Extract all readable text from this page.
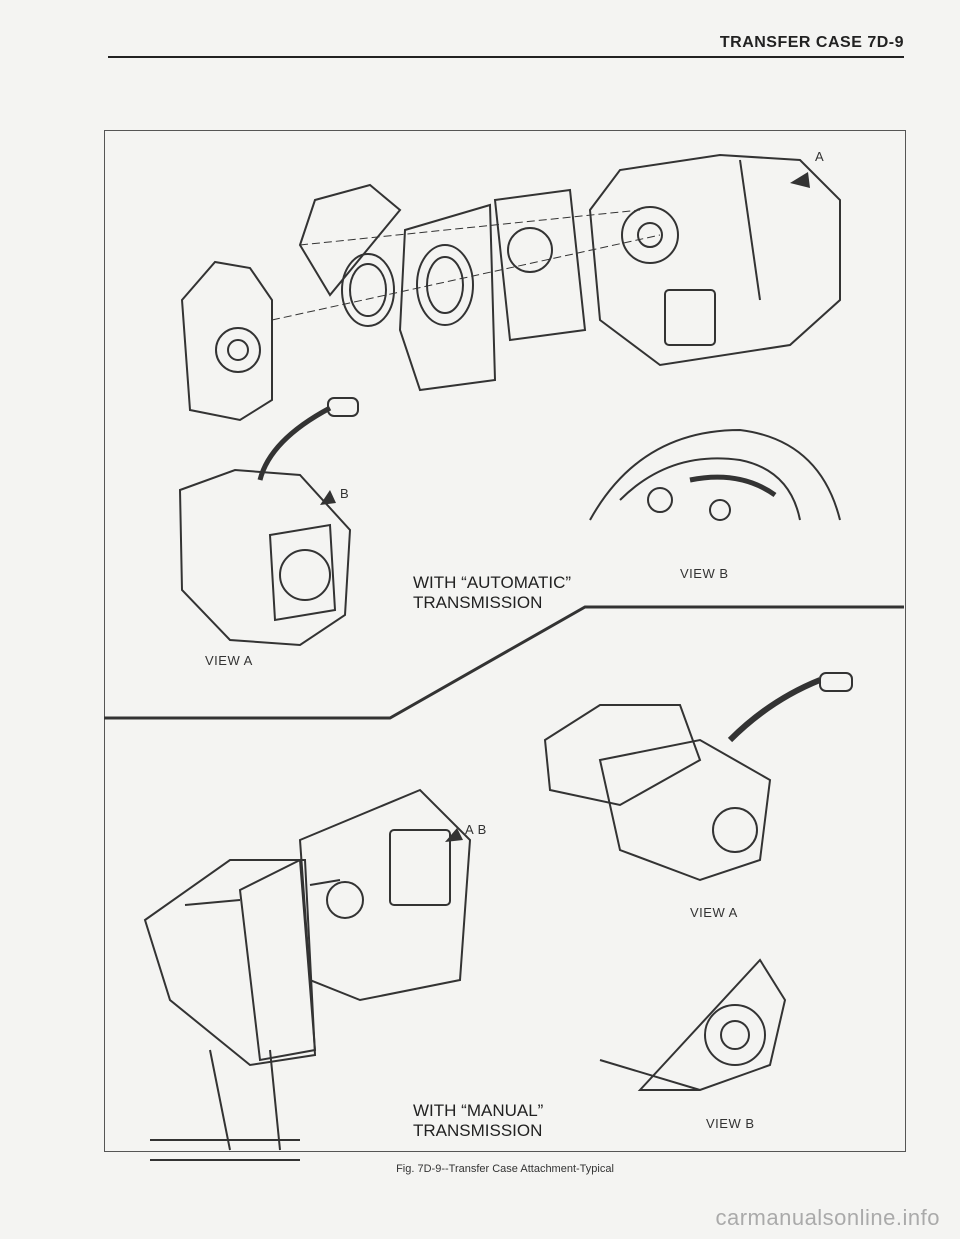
TRANSFER CASE 7D-9
A
B
WITH “AUTOMATIC”
TRANSMISSION
VIEW B
VIEW A
A B
VIEW A
WITH “MANUAL”
TRANSMISSION	VIEW B
Fig. 7D-9--Transfer Case Attachment-Typical
carmanualsonline.info
